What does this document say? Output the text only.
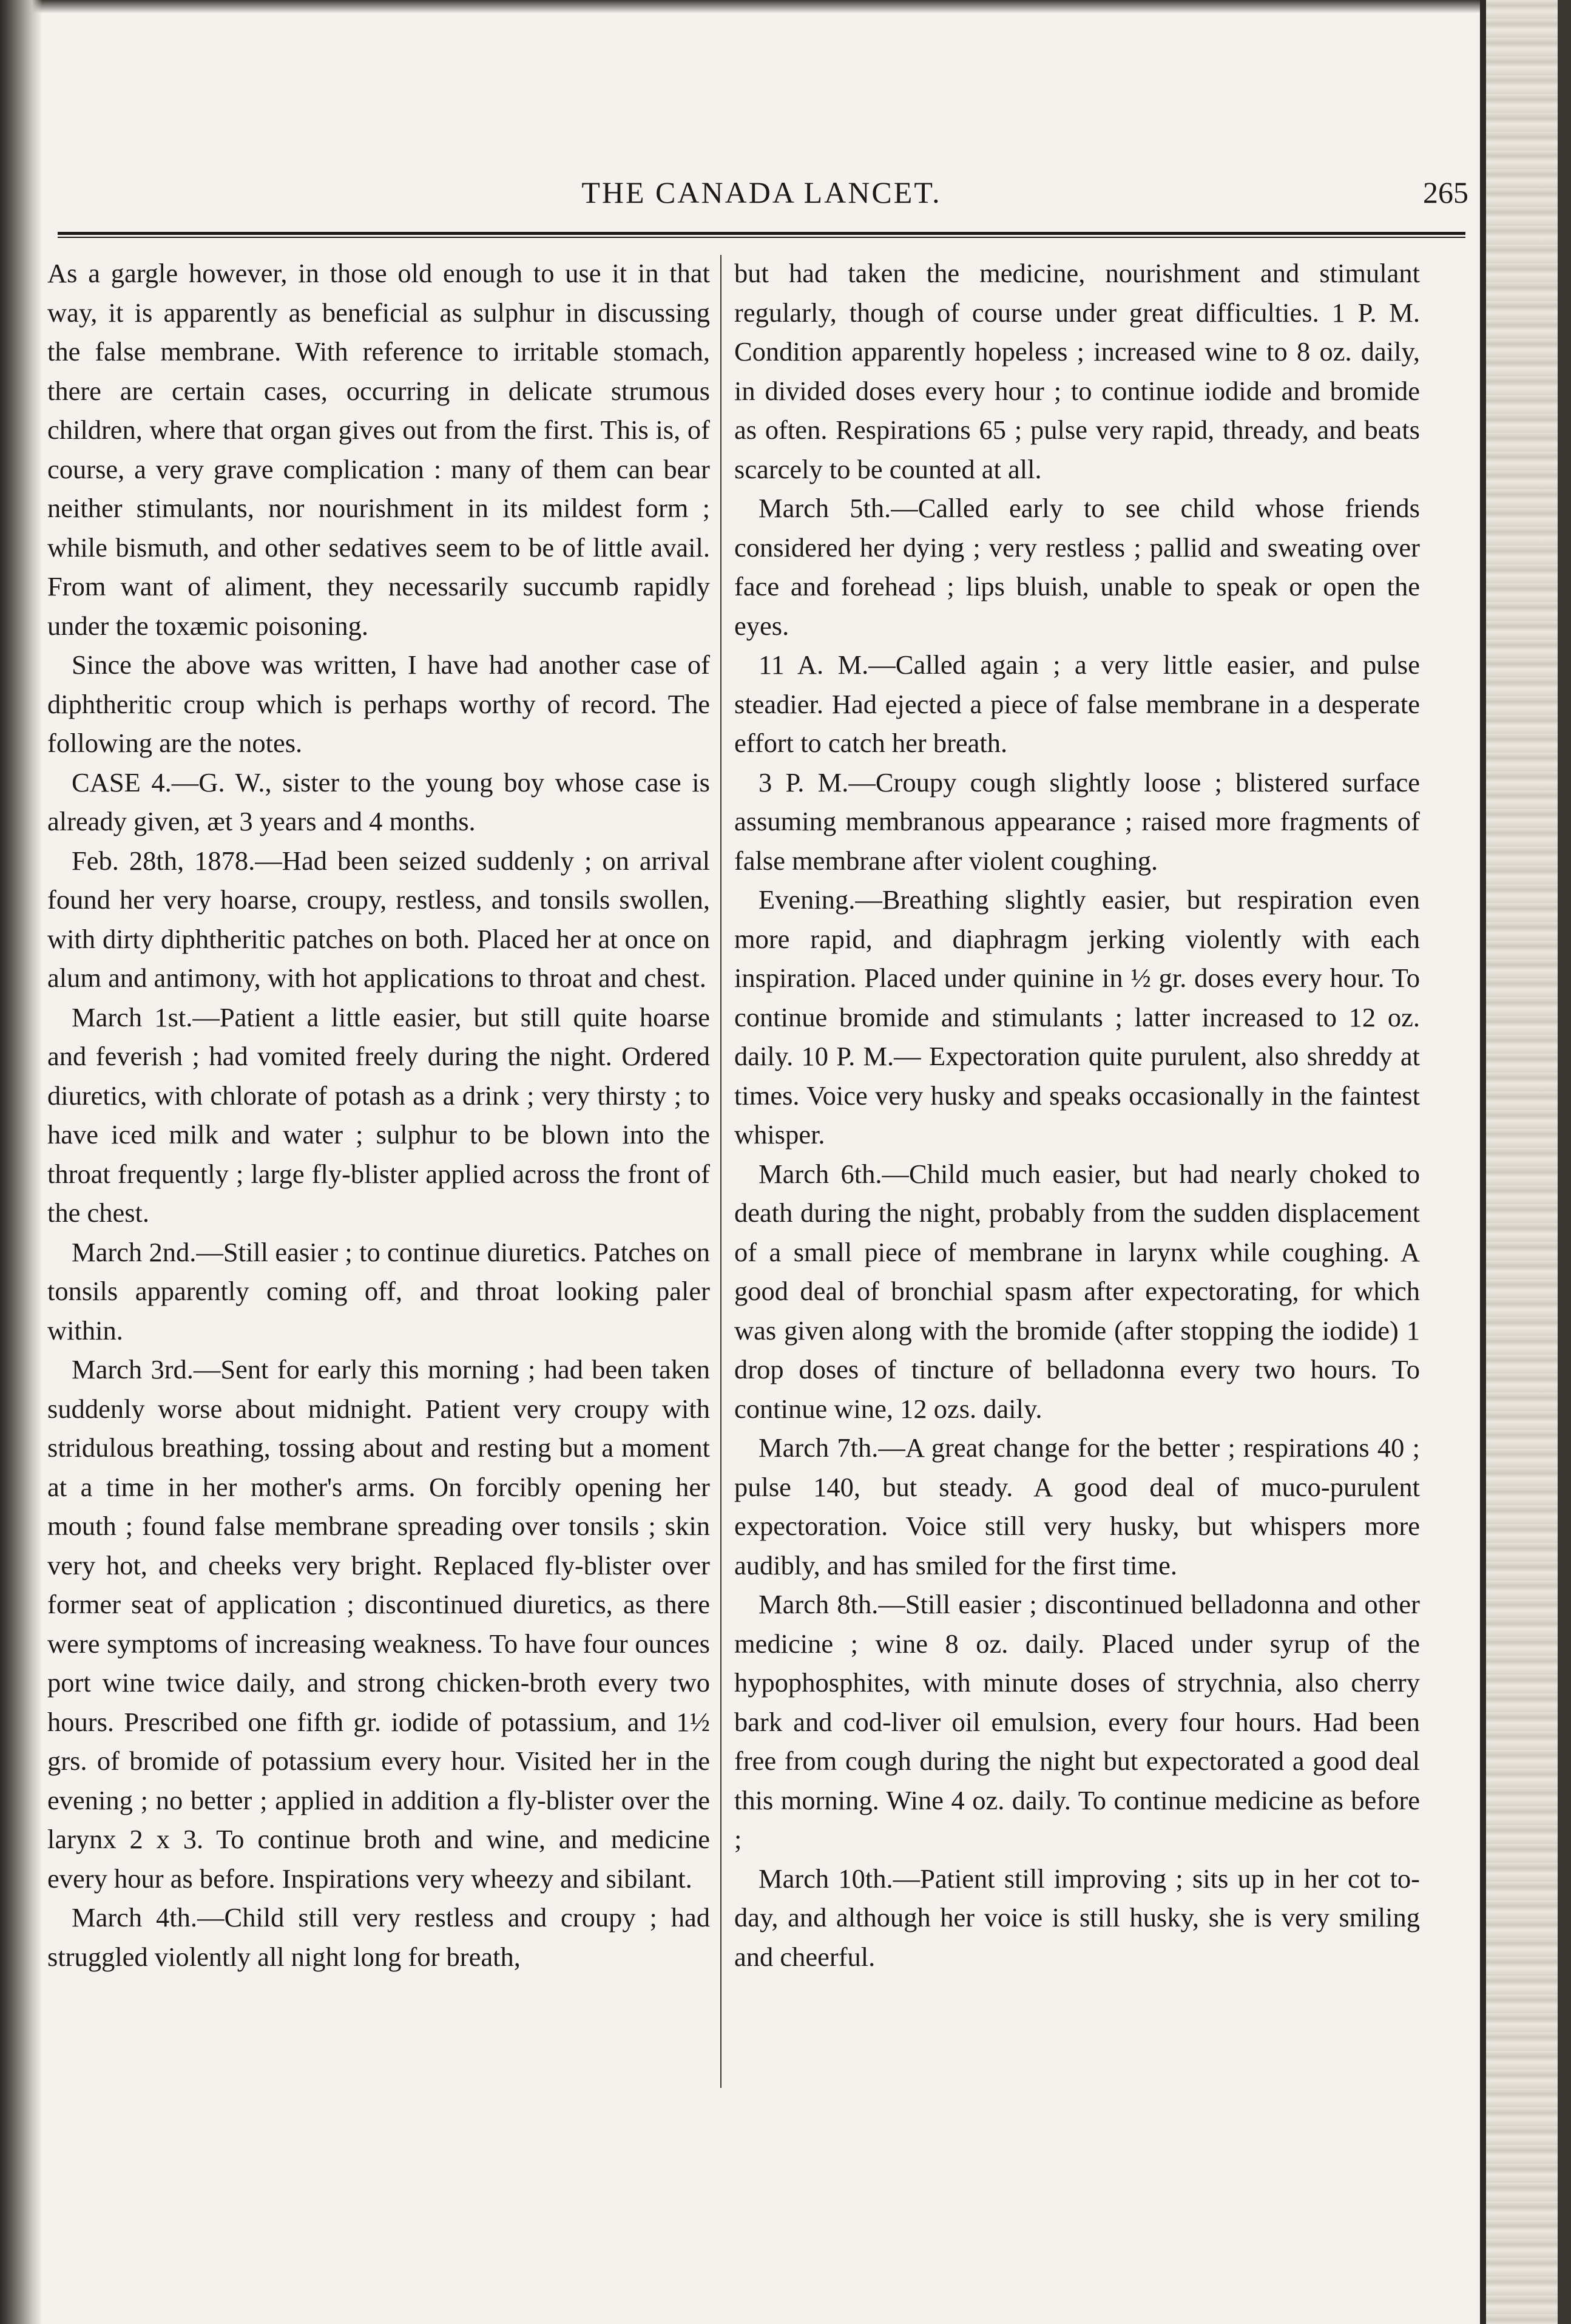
THE CANADA LANCET.	265

As a gargle however, in those old enough to use it in that way, it is apparently as beneficial as sulphur in discussing the false membrane. With reference to irritable stomach, there are certain cases, occurring in delicate strumous children, where that organ gives out from the first. This is, of course, a very grave complication : many of them can bear neither stimulants, nor nourishment in its mildest form ; while bismuth, and other sedatives seem to be of little avail. From want of aliment, they necessarily succumb rapidly under the toxæmic poisoning.

Since the above was written, I have had another case of diphtheritic croup which is perhaps worthy of record. The following are the notes.

CASE 4.—G. W., sister to the young boy whose case is already given, æt 3 years and 4 months.

Feb. 28th, 1878.—Had been seized suddenly ; on arrival found her very hoarse, croupy, restless, and tonsils swollen, with dirty diphtheritic patches on both. Placed her at once on alum and antimony, with hot applications to throat and chest.

March 1st.—Patient a little easier, but still quite hoarse and feverish ; had vomited freely during the night. Ordered diuretics, with chlorate of potash as a drink ; very thirsty ; to have iced milk and water ; sulphur to be blown into the throat frequently ; large fly-blister applied across the front of the chest.

March 2nd.—Still easier ; to continue diuretics. Patches on tonsils apparently coming off, and throat looking paler within.

March 3rd.—Sent for early this morning ; had been taken suddenly worse about midnight. Patient very croupy with stridulous breathing, tossing about and resting but a moment at a time in her mother's arms. On forcibly opening her mouth ; found false membrane spreading over tonsils ; skin very hot, and cheeks very bright. Replaced fly-blister over former seat of application ; discontinued diuretics, as there were symptoms of increasing weakness. To have four ounces port wine twice daily, and strong chicken-broth every two hours. Prescribed one fifth gr. iodide of potassium, and 1½ grs. of bromide of potassium every hour. Visited her in the evening ; no better ; applied in addition a fly-blister over the larynx 2 x 3. To continue broth and wine, and medicine every hour as before. Inspirations very wheezy and sibilant.

March 4th.—Child still very restless and croupy ; had struggled violently all night long for breath,

but had taken the medicine, nourishment and stimulant regularly, though of course under great difficulties. 1 P. M. Condition apparently hopeless ; increased wine to 8 oz. daily, in divided doses every hour ; to continue iodide and bromide as often. Respirations 65 ; pulse very rapid, thready, and beats scarcely to be counted at all.

March 5th.—Called early to see child whose friends considered her dying ; very restless ; pallid and sweating over face and forehead ; lips bluish, unable to speak or open the eyes.

11 A. M.—Called again ; a very little easier, and pulse steadier. Had ejected a piece of false membrane in a desperate effort to catch her breath.

3 P. M.—Croupy cough slightly loose ; blistered surface assuming membranous appearance ; raised more fragments of false membrane after violent coughing.

Evening.—Breathing slightly easier, but respiration even more rapid, and diaphragm jerking violently with each inspiration. Placed under quinine in ½ gr. doses every hour. To continue bromide and stimulants ; latter increased to 12 oz. daily. 10 P. M.— Expectoration quite purulent, also shreddy at times. Voice very husky and speaks occasionally in the faintest whisper.

March 6th.—Child much easier, but had nearly choked to death during the night, probably from the sudden displacement of a small piece of membrane in larynx while coughing. A good deal of bronchial spasm after expectorating, for which was given along with the bromide (after stopping the iodide) 1 drop doses of tincture of belladonna every two hours. To continue wine, 12 ozs. daily.

March 7th.—A great change for the better ; respirations 40 ; pulse 140, but steady. A good deal of muco-purulent expectoration. Voice still very husky, but whispers more audibly, and has smiled for the first time.

March 8th.—Still easier ; discontinued belladonna and other medicine ; wine 8 oz. daily. Placed under syrup of the hypophosphites, with minute doses of strychnia, also cherry bark and cod-liver oil emulsion, every four hours. Had been free from cough during the night but expectorated a good deal this morning. Wine 4 oz. daily. To continue medicine as before ;

March 10th.—Patient still improving ; sits up in her cot to-day, and although her voice is still husky, she is very smiling and cheerful.
